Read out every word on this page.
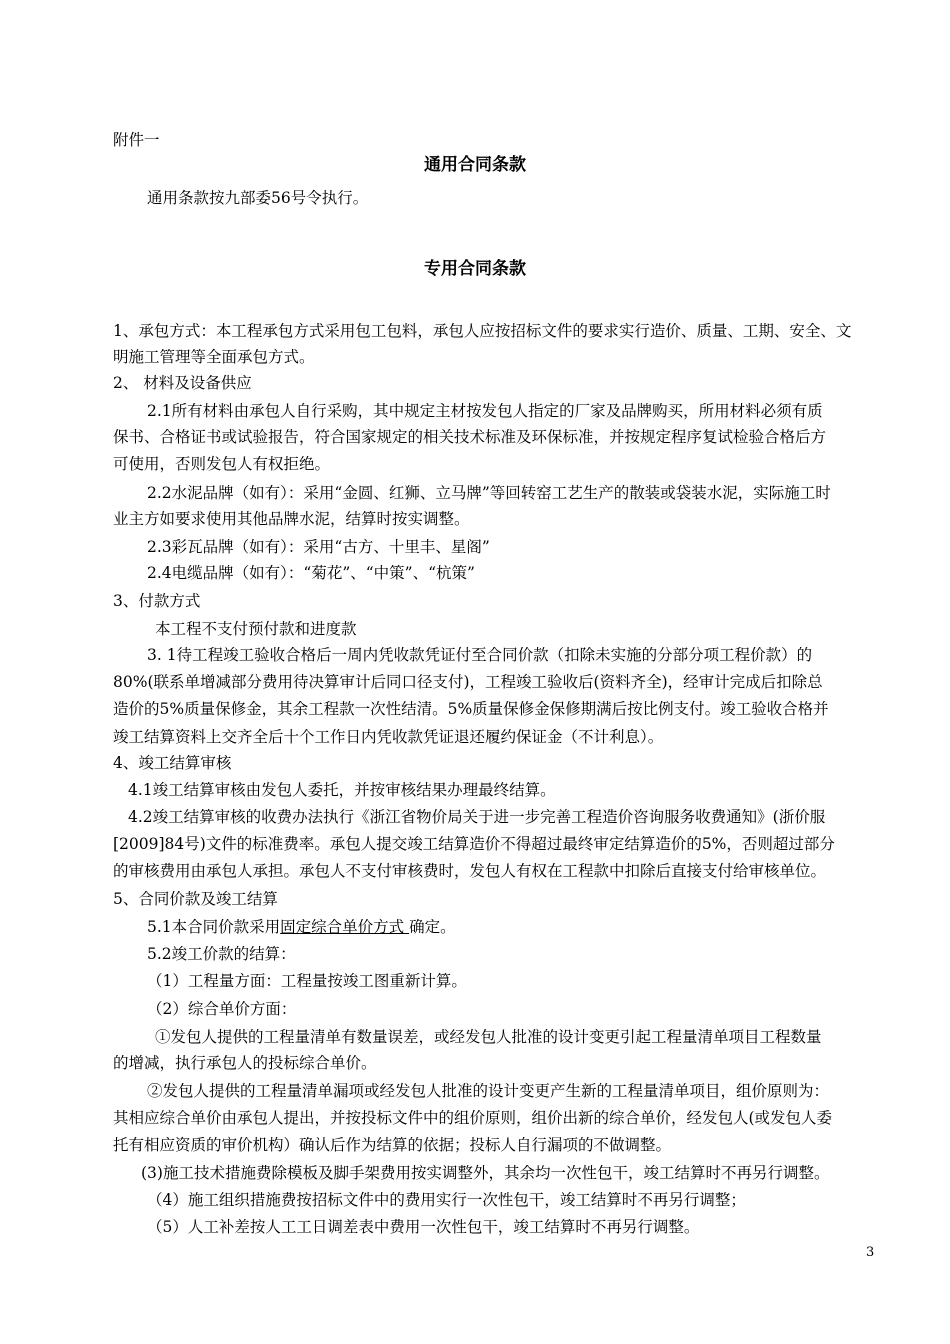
附件一
通用合同条款
通用条款按九部委56号令执行。
专用合同条款
1、承包方式：本工程承包方式采用包工包料，承包人应按招标文件的要求实行造价、质量、工期、安全、文
明施工管理等全面承包方式。
2、 材料及设备供应
2.1所有材料由承包人自行采购，其中规定主材按发包人指定的厂家及品牌购买，所用材料必须有质
保书、合格证书或试验报告，符合国家规定的相关技术标准及环保标准，并按规定程序复试检验合格后方
可使用，否则发包人有权拒绝。
2.2水泥品牌（如有）：采用“金圆、红狮、立马牌”等回转窑工艺生产的散装或袋装水泥，实际施工时
业主方如要求使用其他品牌水泥，结算时按实调整。
2.3彩瓦品牌（如有）：采用“古方、十里丰、星阁”
2.4电缆品牌（如有）：“菊花”、“中策”、“杭策”
3、付款方式
本工程不支付预付款和进度款
3. 1待工程竣工验收合格后一周内凭收款凭证付至合同价款（扣除未实施的分部分项工程价款）的
80%(联系单增减部分费用待决算审计后同口径支付)，工程竣工验收后(资料齐全)，经审计完成后扣除总
造价的5%质量保修金，其余工程款一次性结清。5%质量保修金保修期满后按比例支付。竣工验收合格并
竣工结算资料上交齐全后十个工作日内凭收款凭证退还履约保证金（不计利息）。
4、竣工结算审核
4.1竣工结算审核由发包人委托，并按审核结果办理最终结算。
4.2竣工结算审核的收费办法执行《浙江省物价局关于进一步完善工程造价咨询服务收费通知》(浙价服
[2009]84号)文件的标准费率。承包人提交竣工结算造价不得超过最终审定结算造价的5%，否则超过部分
的审核费用由承包人承担。承包人不支付审核费时，发包人有权在工程款中扣除后直接支付给审核单位。
5、合同价款及竣工结算
5.1本合同价款采用固定综合单价方式 确定。
5.2竣工价款的结算：
（1）工程量方面：工程量按竣工图重新计算。
（2）综合单价方面：
①发包人提供的工程量清单有数量误差，或经发包人批准的设计变更引起工程量清单项目工程数量
的增减，执行承包人的投标综合单价。
②发包人提供的工程量清单漏项或经发包人批准的设计变更产生新的工程量清单项目，组价原则为：
其相应综合单价由承包人提出，并按投标文件中的组价原则，组价出新的综合单价，经发包人(或发包人委
托有相应资质的审价机构）确认后作为结算的依据；投标人自行漏项的不做调整。
(3)施工技术措施费除模板及脚手架费用按实调整外，其余均一次性包干，竣工结算时不再另行调整。
（4）施工组织措施费按招标文件中的费用实行一次性包干，竣工结算时不再另行调整；
（5）人工补差按人工工日调差表中费用一次性包干，竣工结算时不再另行调整。
3
